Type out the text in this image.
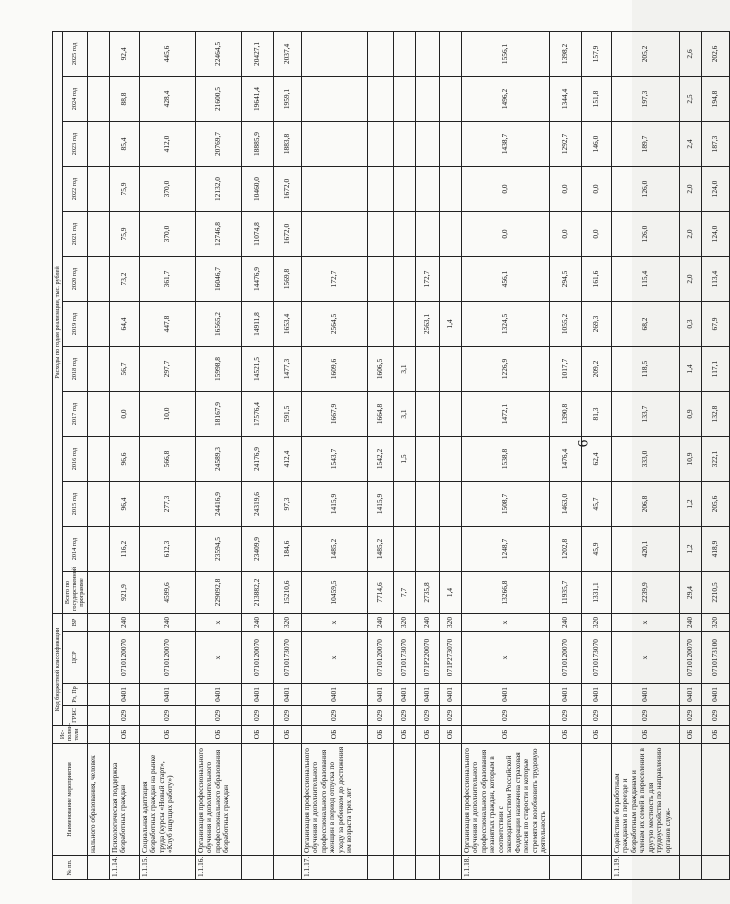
6
№ пп.	Наименование мероприятия	Ис-полни-тели	Код бюджетной классификации				Расходы по годам реализации, тыс. рублей												
			ГРБС	Рз, Пр	ЦСР	ВР	Всего по государственной программе	2014 год	2015 год	2016 год	2017 год	2018 год	2019 год	2020 год	2021 год	2022 год	2023 год	2024 год	2025 год
	нального образования, человек																		
1.1.14.	Психологическая поддержка безработных граждан	ОБ	029	0401	0710120070	240	921,9	116,2	96,4	96,6	0,0	56,7	64,4	73,2	75,9	75,9	85,4	88,8	92,4
1.1.15.	Социальная адаптация безработных граждан на рынке труда (курсы «Новый старт», «Клуб ищущих работу»)	ОБ	029	0401	0710120070	240	4599,6	612,3	277,3	566,8	10,0	297,7	447,8	361,7	370,0	370,0	412,0	428,4	445,6
1.1.16.	Организация профессионального обучения и дополнительного профессионального образования безработных граждан	ОБ	029	0401	x	x	229092,8	23594,5	24416,9	24589,3	18167,9	15998,8	16565,2	16046,7	12746,8	12132,0	20769,7	21600,5	22464,5
		ОБ	029	0401	0710120070	240	213882,2	23409,9	24319,6	24176,9	17576,4	14521,5	14911,8	14476,9	11074,8	10460,0	18885,9	19641,4	20427,1
		ОБ	029	0401	0710173070	320	15210,6	184,6	97,3	412,4	591,5	1477,3	1653,4	1569,8	1672,0	1672,0	1883,8	1959,1	2037,4
1.1.17.	Организация профессионального обучения и дополнительного профессионального образования женщин в период отпуска по уходу за ребенком до достижения им возраста трех лет	ОБ	029	0401	x	x	10459,5	1485,2	1415,9	1543,7	1667,9	1609,6	2564,5	172,7					
		ОБ	029	0401	0710120070	240	7714,6	1485,2	1415,9	1542,2	1664,8	1606,5							
		ОБ	029	0401	0710173070	320	7,7			1,5	3,1	3,1							
		ОБ	029	0401	071P220070	240	2735,8						2563,1	172,7					
		ОБ	029	0401	071P273070	320	1,4						1,4						
1.1.18.	Организация профессионального обучения и дополнительного профессионального образования незанятых граждан, которым в соответствии с законодательством Российской Федерации назначена страховая пенсия по старости и которые стремятся возобновить трудовую деятельность	ОБ	029	0401	x	x	13266,8	1248,7	1508,7	1538,8	1472,1	1226,9	1324,5	456,1	0,0	0,0	1438,7	1496,2	1556,1
		ОБ	029	0401	0710120070	240	11935,7	1202,8	1463,0	1476,4	1390,8	1017,7	1055,2	294,5	0,0	0,0	1292,7	1344,4	1398,2
		ОБ	029	0401	0710173070	320	1331,1	45,9	45,7	62,4	81,3	209,2	269,3	161,6	0,0	0,0	146,0	151,8	157,9
1.1.19.	Содействие безработным гражданам в переезде и безработным гражданам и членам их семей в переселении в другую местность для трудоустройства по направлению органов служ-	ОБ	029	0401	x	x	2239,9	420,1	206,8	333,0	133,7	118,5	68,2	115,4	126,0	126,0	189,7	197,3	205,2
		ОБ	029	0401	0710120070	240	29,4	1,2	1,2	10,9	0,9	1,4	0,3	2,0	2,0	2,0	2,4	2,5	2,6
		ОБ	029	0401	0710173100	320	2210,5	418,9	205,6	322,1	132,8	117,1	67,9	113,4	124,0	124,0	187,3	194,8	202,6
